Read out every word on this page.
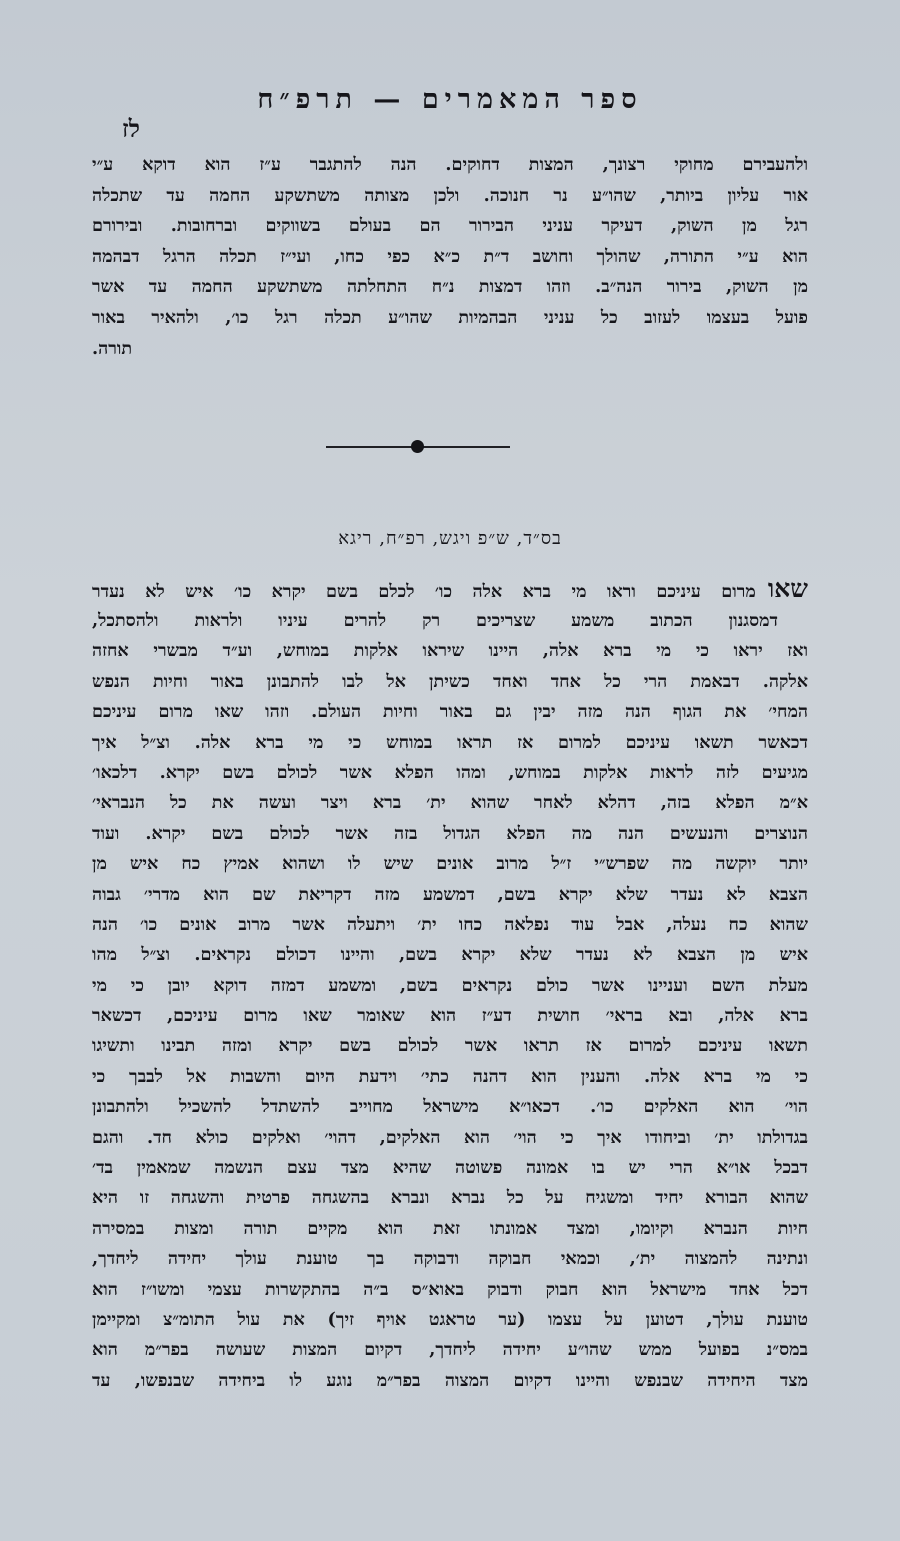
ספר המאמרים — תרפ״ח
לז
ולהעבירם מחוקי רצונך, המצות דחוקים. הנה להתגבר ע״ז הוא דוקא ע״י
אור עליון ביותר, שהו״ע נר חנוכה. ולכן מצותה משתשקע החמה עד שתכלה
רגל מן השוק, דעיקר עניני הבירור הם בעולם בשווקים וברחובות. ובירורם
הוא ע״י התורה, שהולך וחושב ד״ת כ״א כפי כחו, ועי״ז תכלה הרגל דבהמה
מן השוק, בירור הנה״ב. וזהו דמצות נ״ח התחלתה משתשקע החמה עד אשר
פועל בעצמו לעזוב כל עניני הבהמיות שהו״ע תכלה רגל כו׳, ולהאיר באור
תורה.
בס״ד, ש״פ ויגש, רפ״ח, ריגא
שאו
מרום עיניכם וראו מי ברא אלה כו׳ לכלם בשם יקרא כו׳ איש לא נעדר
דמסגנון הכתוב משמע שצריכים רק להרים עיניו ולראות ולהסתכל,
ואז יראו כי מי ברא אלה, היינו שיראו אלקות במוחש, וע״ד מבשרי אחזה
אלקה. דבאמת הרי כל אחד ואחד כשיתן אל לבו להתבונן באור וחיות הנפש
המחי׳ את הגוף הנה מזה יבין גם באור וחיות העולם. וזהו שאו מרום עיניכם
דכאשר תשאו עיניכם למרום אז תראו במוחש כי מי ברא אלה. וצ״ל איך
מגיעים לזה לראות אלקות במוחש, ומהו הפלא אשר לכולם בשם יקרא. דלכאו׳
א״מ הפלא בזה, דהלא לאחר שהוא ית׳ ברא ויצר ועשה את כל הנבראי׳
הנוצרים והנעשים הנה מה הפלא הגדול בזה אשר לכולם בשם יקרא. ועוד
יותר יוקשה מה שפרש״י ז״ל מרוב אונים שיש לו ושהוא אמיץ כח איש מן
הצבא לא נעדר שלא יקרא בשם, דמשמע מזה דקריאת שם הוא מדרי׳ גבוה
שהוא כח נעלה, אבל עוד נפלאה כחו ית׳ ויתעלה אשר מרוב אונים כו׳ הנה
איש מן הצבא לא נעדר שלא יקרא בשם, והיינו דכולם נקראים. וצ״ל מהו
מעלת השם ועניינו אשר כולם נקראים בשם, ומשמע דמזה דוקא יובן כי מי
ברא אלה, ובא בראי׳ חושית דע״ז הוא שאומר שאו מרום עיניכם, דכשאר
תשאו עיניכם למרום אז תראו אשר לכולם בשם יקרא ומזה תבינו ותשיגו
כי מי ברא אלה. והענין הוא דהנה כתי׳ וידעת היום והשבות אל לבבך כי
הוי׳ הוא האלקים כו׳. דכאו״א מישראל מחוייב להשתדל להשכיל ולהתבונן
בגדולתו ית׳ וביחודו איך כי הוי׳ הוא האלקים, דהוי׳ ואלקים כולא חד. והגם
דבכל או״א הרי יש בו אמונה פשוטה שהיא מצד עצם הנשמה שמאמין בד׳
שהוא הבורא יחיד ומשגיח על כל נברא ונברא בהשגחה פרטית והשגחה זו היא
חיות הנברא וקיומו, ומצד אמונתו זאת הוא מקיים תורה ומצות במסירה
ונתינה להמצוה ית׳, וכמאי חבוקה ודבוקה בך טוענת עולך יחידה ליחדך,
דכל אחד מישראל הוא חבוק ודבוק באוא״ס ב״ה בהתקשרות עצמי ומשו״ז הוא
טוענת עולך, דטוען על עצמו (ער טראגט אויף זיך) את עול התומ״צ ומקיימן
במס״נ בפועל ממש שהו״ע יחידה ליחדך, דקיום המצות שעושה בפר״מ הוא
מצד היחידה שבנפש והיינו דקיום המצוה בפר״מ נוגע לו ביחידה שבנפשו, עד
